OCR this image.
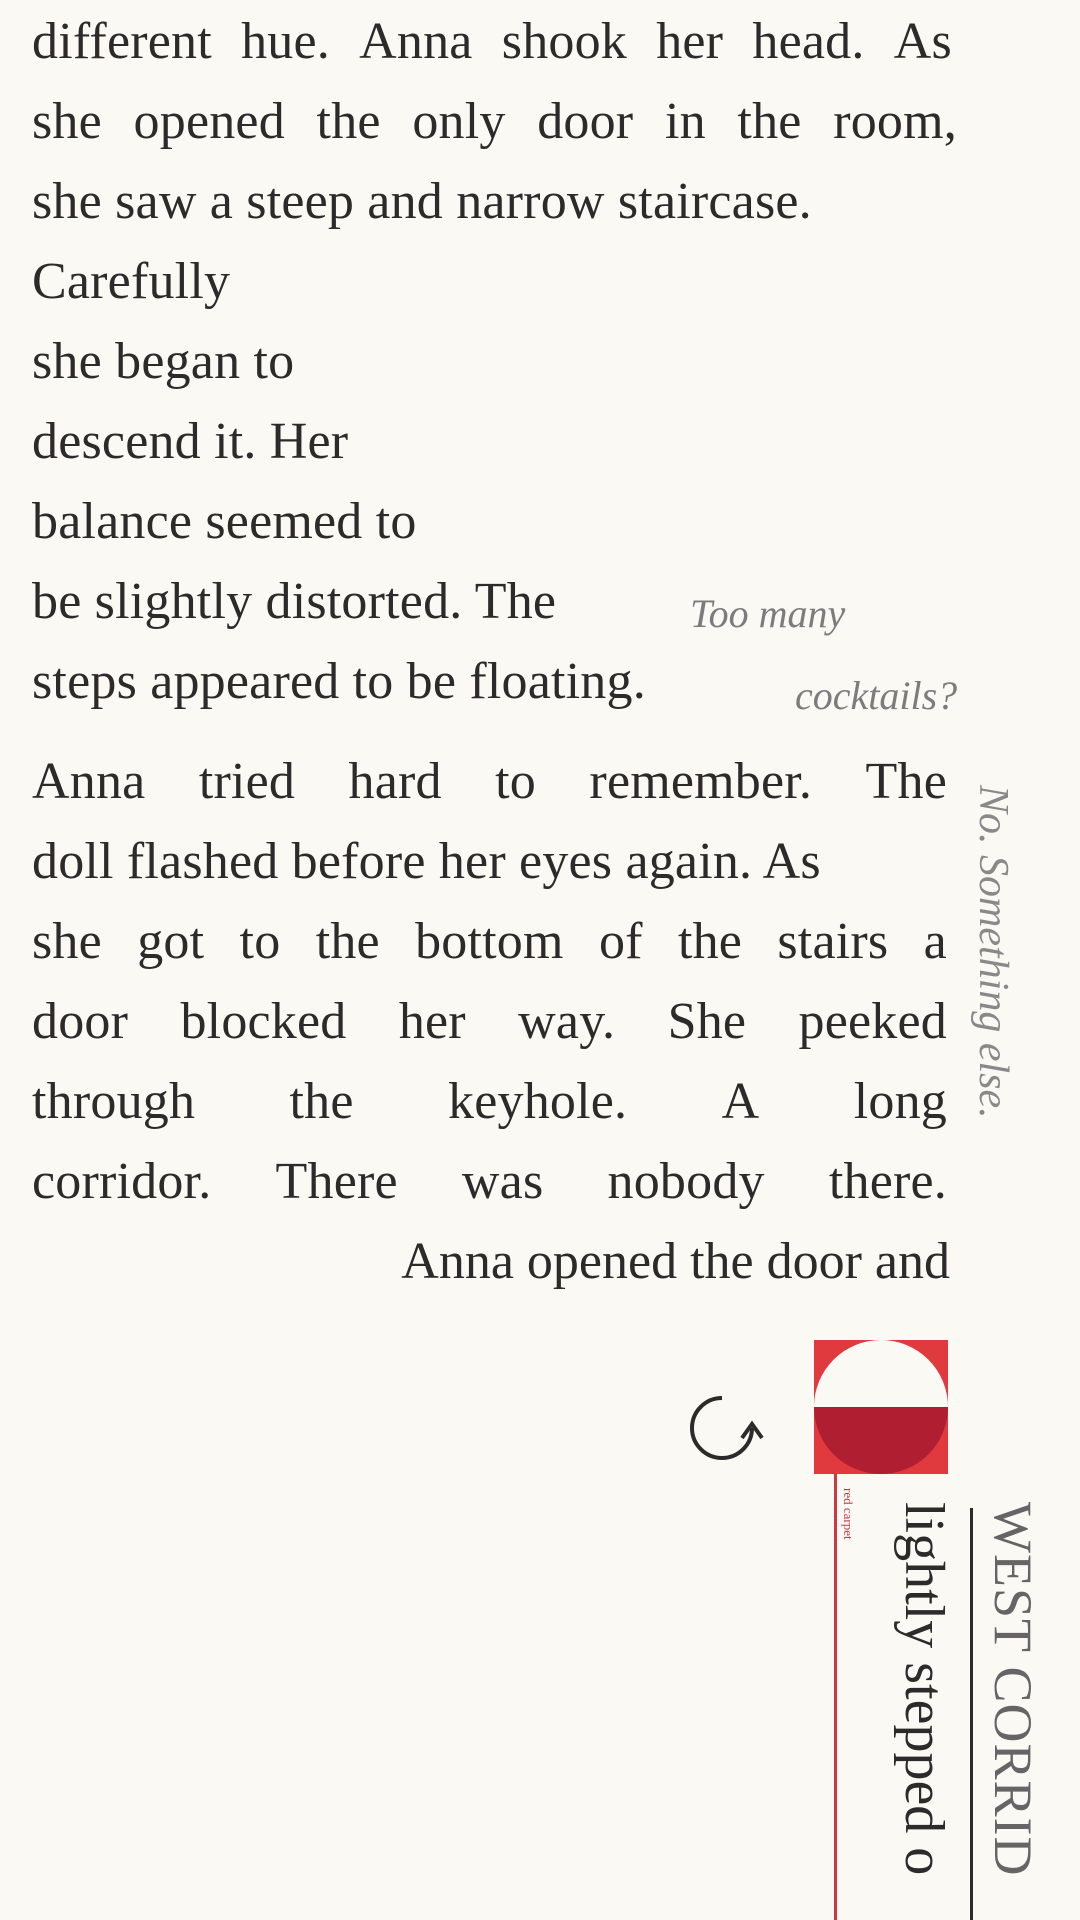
different hue. Anna shook her head. As
she opened the only door in the room,
she saw a steep and narrow staircase.
Carefully
she began to
descend it. Her
balance seemed to
be slightly distorted. The
steps appeared to be floating.
Anna tried hard to remember. The
doll flashed before her eyes again. As
she got to the bottom of the stairs a
door blocked her way. She peeked
through the keyhole. A long
corridor. There was nobody there.
Anna opened the door and
Too many
cocktails?
No. Something else.
red carpet lightly stepped o WEST CORRID
